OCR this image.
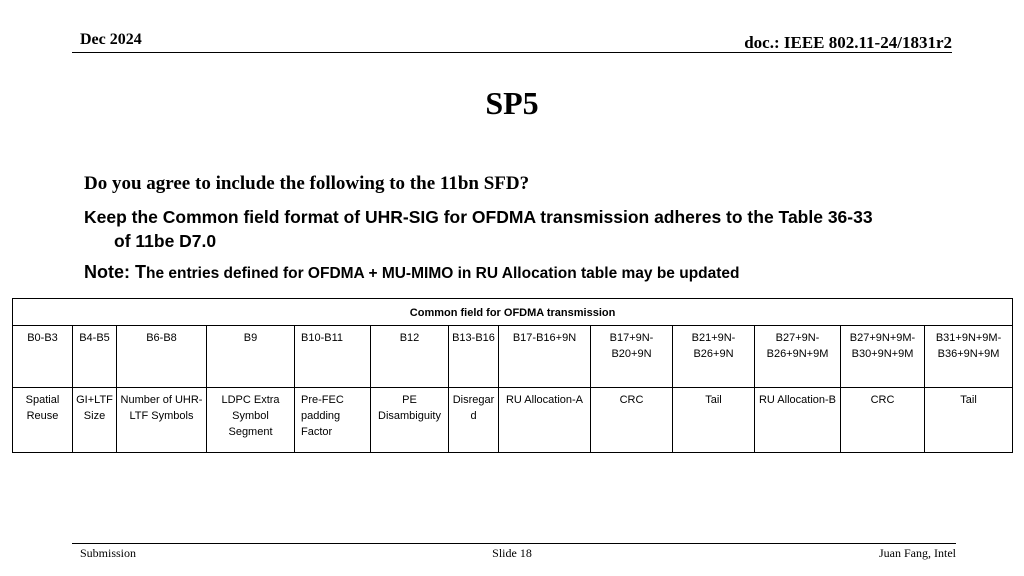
Dec 2024	doc.: IEEE 802.11-24/1831r2
SP5
Do you agree to include the following to the 11bn SFD?
Keep the Common field format of UHR-SIG for OFDMA transmission adheres to the Table 36-33
of 11be D7.0
Note: The entries defined for OFDMA + MU-MIMO in RU Allocation table may be updated
Common field for OFDMA transmission												
B0-B3	B4-B5	B6-B8	B9	B10-B11	B12	B13-B16	B17-B16+9N	B17+9N-B20+9N	B21+9N-B26+9N	B27+9N-B26+9N+9M	B27+9N+9M-B30+9N+9M	B31+9N+9M-B36+9N+9M
Spatial Reuse	GI+LTF Size	Number of UHR-LTF Symbols	LDPC Extra Symbol Segment	Pre-FEC padding Factor	PE Disambiguity	Disregard	RU Allocation-A	CRC	Tail	RU Allocation-B	CRC	Tail
Submission	Slide 18	Juan Fang, Intel
